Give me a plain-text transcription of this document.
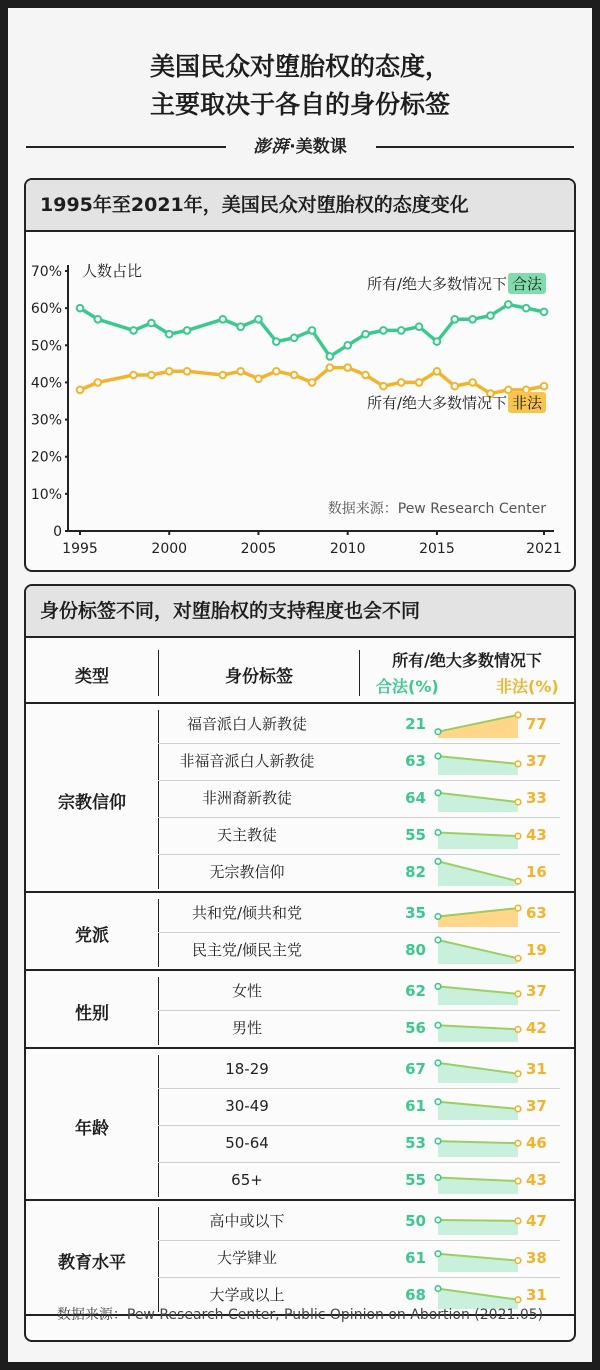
美国民众对堕胎权的态度，
主要取决于各自的身份标签
澎湃·美数课
1995年至2021年，美国民众对堕胎权的态度变化
0
10%
20%
30%
40%
50%
60%
70%
1995	2000	2005	2010	2015	2021
人数占比
所有/绝大多数情况下 合法
所有/绝大多数情况下 非法
数据来源：Pew Research Center
身份标签不同，对堕胎权的支持程度也会不同
类型	身份标签
所有/绝大多数情况下
合法(%)	非法(%)
宗教信仰
福音派白人新教徒	21	77
非福音派白人新教徒	63	37
非洲裔新教徒	64	33
天主教徒	55	43
无宗教信仰	82	16
党派
共和党/倾共和党	35	63
民主党/倾民主党	80	19
性别
女性	62	37
男性	56	42
年龄
18-29	67	31
30-49	61	37
50-64	53	46
65+	55	43
教育水平
高中或以下	50	47
大学肄业	61	38
大学或以上	68	31
数据来源：Pew Research Center, Public Opinion on Abortion (2021.05)
